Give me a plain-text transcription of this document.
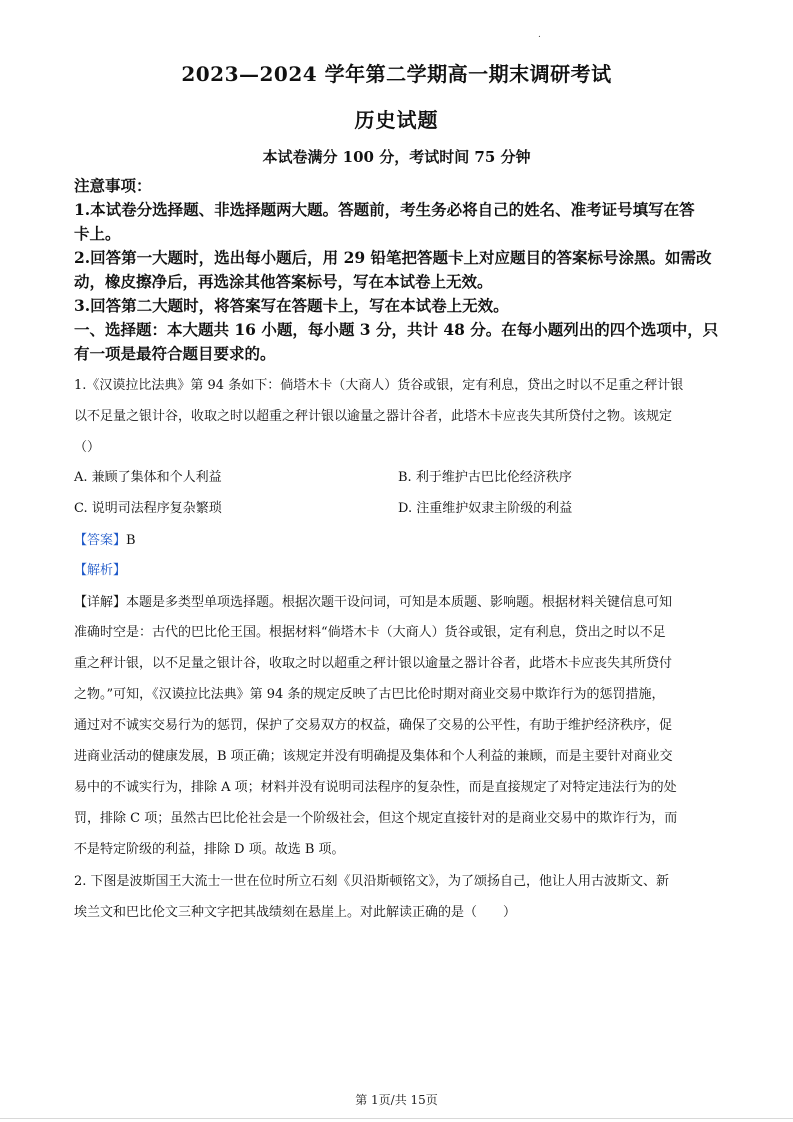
.
2023—2024 学年第二学期高一期末调研考试
历史试题
本试卷满分 100 分，考试时间 75 分钟
注意事项：
1.本试卷分选择题、非选择题两大题。答题前，考生务必将自己的姓名、准考证号填写在答
卡上。
2.回答第一大题时，选出每小题后，用 29 铅笔把答题卡上对应题目的答案标号涂黑。如需改
动，橡皮擦净后，再选涂其他答案标号，写在本试卷上无效。
3.回答第二大题时，将答案写在答题卡上，写在本试卷上无效。
一、选择题：本大题共 16 小题，每小题 3 分，共计 48 分。在每小题列出的四个选项中，只
有一项是最符合题目要求的。
1.《汉谟拉比法典》第 94 条如下：倘塔木卡（大商人）货谷或银，定有利息，贷出之时以不足重之秤计银
以不足量之银计谷，收取之时以超重之秤计银以逾量之器计谷者，此塔木卡应丧失其所贷付之物。该规定
（）
A. 兼顾了集体和个人利益	B. 利于维护古巴比伦经济秩序
C. 说明司法程序复杂繁琐	D. 注重维护奴隶主阶级的利益
【答案】B
【解析】
【详解】本题是多类型单项选择题。根据次题干设问词，可知是本质题、影响题。根据材料关键信息可知
准确时空是：古代的巴比伦王国。根据材料“倘塔木卡（大商人）货谷或银，定有利息，贷出之时以不足
重之秤计银，以不足量之银计谷，收取之时以超重之秤计银以逾量之器计谷者，此塔木卡应丧失其所贷付
之物。”可知，《汉谟拉比法典》第 94 条的规定反映了古巴比伦时期对商业交易中欺诈行为的惩罚措施，
通过对不诚实交易行为的惩罚，保护了交易双方的权益，确保了交易的公平性，有助于维护经济秩序，促
进商业活动的健康发展，B 项正确；该规定并没有明确提及集体和个人利益的兼顾，而是主要针对商业交
易中的不诚实行为，排除 A 项；材料并没有说明司法程序的复杂性，而是直接规定了对特定违法行为的处
罚，排除 C 项；虽然古巴比伦社会是一个阶级社会，但这个规定直接针对的是商业交易中的欺诈行为，而
不是特定阶级的利益，排除 D 项。故选 B 项。
2. 下图是波斯国王大流士一世在位时所立石刻《贝沿斯顿铭文》，为了颂扬自己，他让人用古波斯文、新
埃兰文和巴比伦文三种文字把其战绩刻在悬崖上。对此解读正确的是（　　）
第 1页/共 15页
